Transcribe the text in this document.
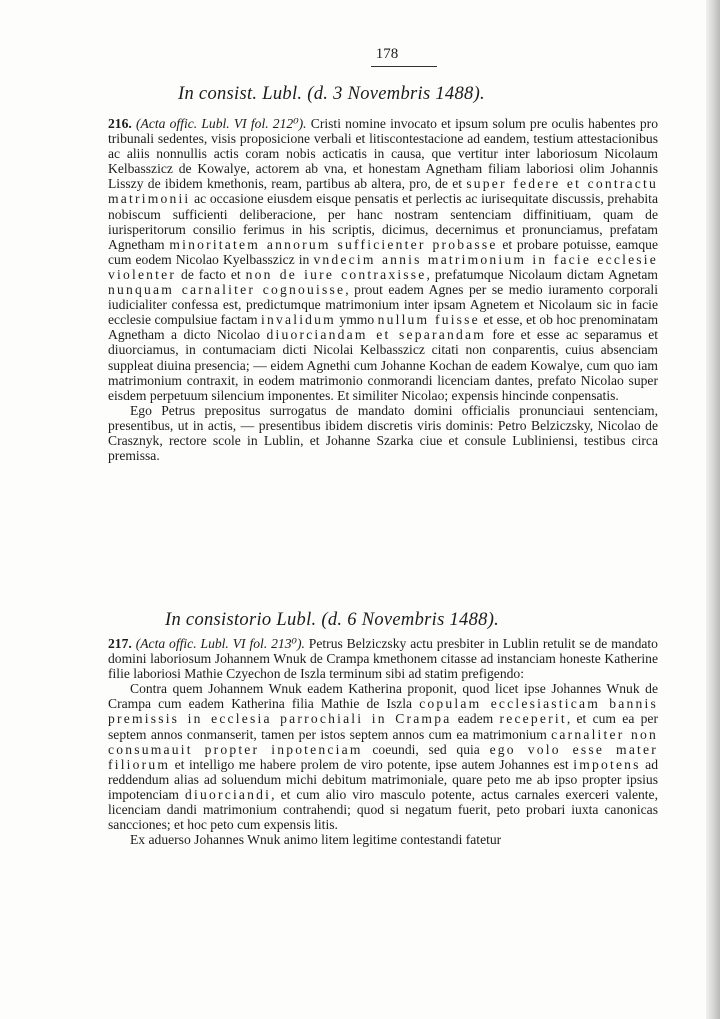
178
In consist. Lubl. (d. 3 Novembris 1488).

216. (Acta offic. Lubl. VI fol. 212⁰). Cristi nomine invocato et ipsum solum pre oculis habentes pro tribunali sedentes, visis proposicione verbali et litiscontestacione ad eandem, testium attestacionibus ac aliis nonnullis actis coram nobis acticatis in causa, que vertitur inter laboriosum Nicolaum Kelbasszicz de Kowalye, actorem ab vna, et honestam Agnetham filiam laboriosi olim Johannis Lisszy de ibidem kmethonis, ream, partibus ab altera, pro, de et super federe et contractu matrimonii ac occasione eiusdem eisque pensatis et perlectis ac iurisequitate discussis, prehabita nobiscum sufficienti deliberacione, per hanc nostram sentenciam diffinitiuam, quam de iurisperitorum consilio ferimus in his scriptis, dicimus, decernimus et pronunciamus, prefatam Agnetham minoritatem annorum sufficienter probasse et probare potuisse, eamque cum eodem Nicolao Kyelbasszicz in vndecim annis matrimonium in facie ecclesie violenter de facto et non de iure contraxisse, prefatumque Nicolaum dictam Agnetam nunquam carnaliter cognouisse, prout eadem Agnes per se medio iuramento corporali iudicialiter confessa est, predictumque matrimonium inter ipsam Agnetem et Nicolaum sic in facie ecclesie compulsiue factam invalidum ymmo nullum fuisse et esse, et ob hoc prenominatam Agnetham a dicto Nicolao diuorciandam et separandam fore et esse ac separamus et diuorciamus, in contumaciam dicti Nicolai Kelbasszicz citati non conparentis, cuius absenciam suppleat diuina presencia; — eidem Agnethi cum Johanne Kochan de eadem Kowalye, cum quo iam matrimonium contraxit, in eodem matrimonio conmorandi licenciam dantes, prefato Nicolao super eisdem perpetuum silencium imponentes. Et similiter Nicolao; expensis hincinde conpensatis.

Ego Petrus prepositus surrogatus de mandato domini officialis pronunciaui sentenciam, presentibus, ut in actis, — presentibus ibidem discretis viris dominis: Petro Belziczsky, Nicolao de Crasznyk, rectore scole in Lublin, et Johanne Szarka ciue et consule Lubliniensi, testibus circa premissa.

In consistorio Lubl. (d. 6 Novembris 1488).

217. (Acta offic. Lubl. VI fol. 213⁰). Petrus Belziczsky actu presbiter in Lublin retulit se de mandato domini laboriosum Johannem Wnuk de Crampa kmethonem citasse ad instanciam honeste Katherine filie laboriosi Mathie Czyechon de Iszla terminum sibi ad statim prefigendo:

Contra quem Johannem Wnuk eadem Katherina proponit, quod licet ipse Johannes Wnuk de Crampa cum eadem Katherina filia Mathie de Iszla copulam ecclesiasticam bannis premissis in ecclesia parrochiali in Crampa eadem receperit, et cum ea per septem annos conmanserit, tamen per istos septem annos cum ea matrimonium carnaliter non consumauit propter inpotenciam coeundi, sed quia ego volo esse mater filiorum et intelligo me habere prolem de viro potente, ipse autem Johannes est impotens ad reddendum alias ad soluendum michi debitum matrimoniale, quare peto me ab ipso propter ipsius impotenciam diuorciandi, et cum alio viro masculo potente, actus carnales exerceri valente, licenciam dandi matrimonium contrahendi; quod si negatum fuerit, peto probari iuxta canonicas sancciones; et hoc peto cum expensis litis.

Ex aduerso Johannes Wnuk animo litem legitime contestandi fatetur
